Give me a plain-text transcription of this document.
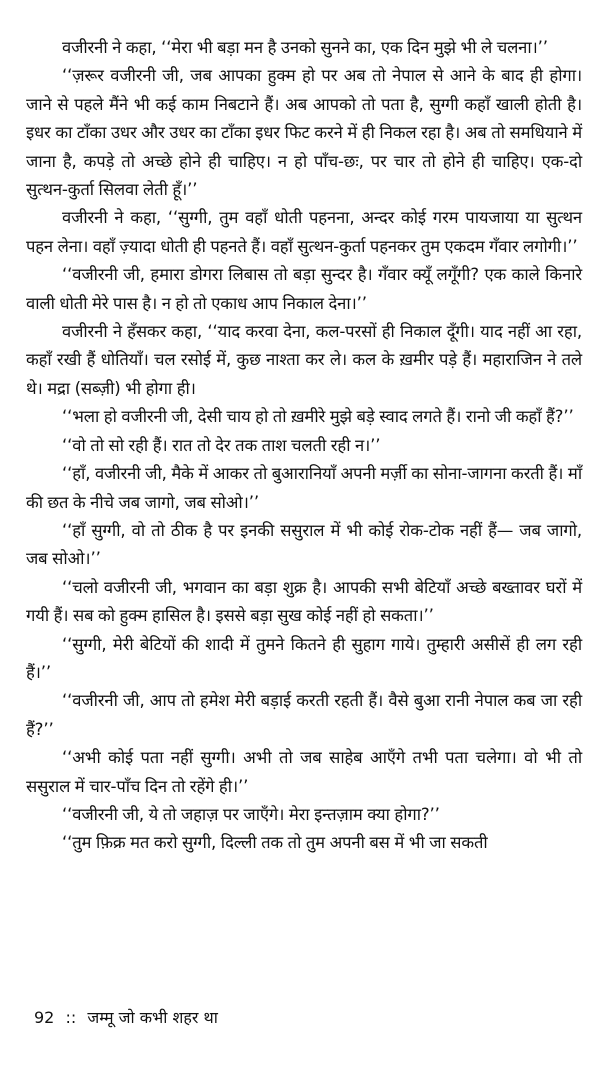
वजीरनी ने कहा, ‘‘मेरा भी बड़ा मन है उनको सुनने का, एक दिन मुझे भी ले चलना।’’

‘‘ज़रूर वजीरनी जी, जब आपका हुक्म हो पर अब तो नेपाल से आने के बाद ही होगा। जाने से पहले मैंने भी कई काम निबटाने हैं। अब आपको तो पता है, सुग्गी कहाँ खाली होती है। इधर का टाँका उधर और उधर का टाँका इधर फिट करने में ही निकल रहा है। अब तो समधियाने में जाना है, कपड़े तो अच्छे होने ही चाहिए। न हो पाँच-छः, पर चार तो होने ही चाहिए। एक-दो सुत्थन-कुर्ता सिलवा लेती हूँ।’’

वजीरनी ने कहा, ‘‘सुग्गी, तुम वहाँ धोती पहनना, अन्दर कोई गरम पायजाया या सुत्थन पहन लेना। वहाँ ज़्यादा धोती ही पहनते हैं। वहाँ सुत्थन-कुर्ता पहनकर तुम एकदम गँवार लगोगी।’’

‘‘वजीरनी जी, हमारा डोगरा लिबास तो बड़ा सुन्दर है। गँवार क्यूँ लगूँगी? एक काले किनारे वाली धोती मेरे पास है। न हो तो एकाध आप निकाल देना।’’

वजीरनी ने हँसकर कहा, ‘‘याद करवा देना, कल-परसों ही निकाल दूँगी। याद नहीं आ रहा, कहाँ रखी हैं धोतियाँ। चल रसोई में, कुछ नाश्ता कर ले। कल के ख़मीर पड़े हैं। महाराजिन ने तले थे। मद्रा (सब्ज़ी) भी होगा ही।

‘‘भला हो वजीरनी जी, देसी चाय हो तो ख़मीरे मुझे बड़े स्वाद लगते हैं। रानो जी कहाँ हैं?’’

‘‘वो तो सो रही हैं। रात तो देर तक ताश चलती रही न।’’

‘‘हाँ, वजीरनी जी, मैके में आकर तो बुआरानियाँ अपनी मर्ज़ी का सोना-जागना करती हैं। माँ की छत के नीचे जब जागो, जब सोओ।’’

‘‘हाँ सुग्गी, वो तो ठीक है पर इनकी ससुराल में भी कोई रोक-टोक नहीं हैं— जब जागो, जब सोओ।’’

‘‘चलो वजीरनी जी, भगवान का बड़ा शुक्र है। आपकी सभी बेटियाँ अच्छे बख्तावर घरों में गयी हैं। सब को हुक्म हासिल है। इससे बड़ा सुख कोई नहीं हो सकता।’’

‘‘सुग्गी, मेरी बेटियों की शादी में तुमने कितने ही सुहाग गाये। तुम्हारी असीसें ही लग रही हैं।’’

‘‘वजीरनी जी, आप तो हमेश मेरी बड़ाई करती रहती हैं। वैसे बुआ रानी नेपाल कब जा रही हैं?’’

‘‘अभी कोई पता नहीं सुग्गी। अभी तो जब साहेब आएँगे तभी पता चलेगा। वो भी तो ससुराल में चार-पाँच दिन तो रहेंगे ही।’’

‘‘वजीरनी जी, ये तो जहाज़ पर जाएँगे। मेरा इन्तज़ाम क्या होगा?’’

‘‘तुम फ़िक्र मत करो सुग्गी, दिल्ली तक तो तुम अपनी बस में भी जा सकती

92 :: जम्मू जो कभी शहर था
